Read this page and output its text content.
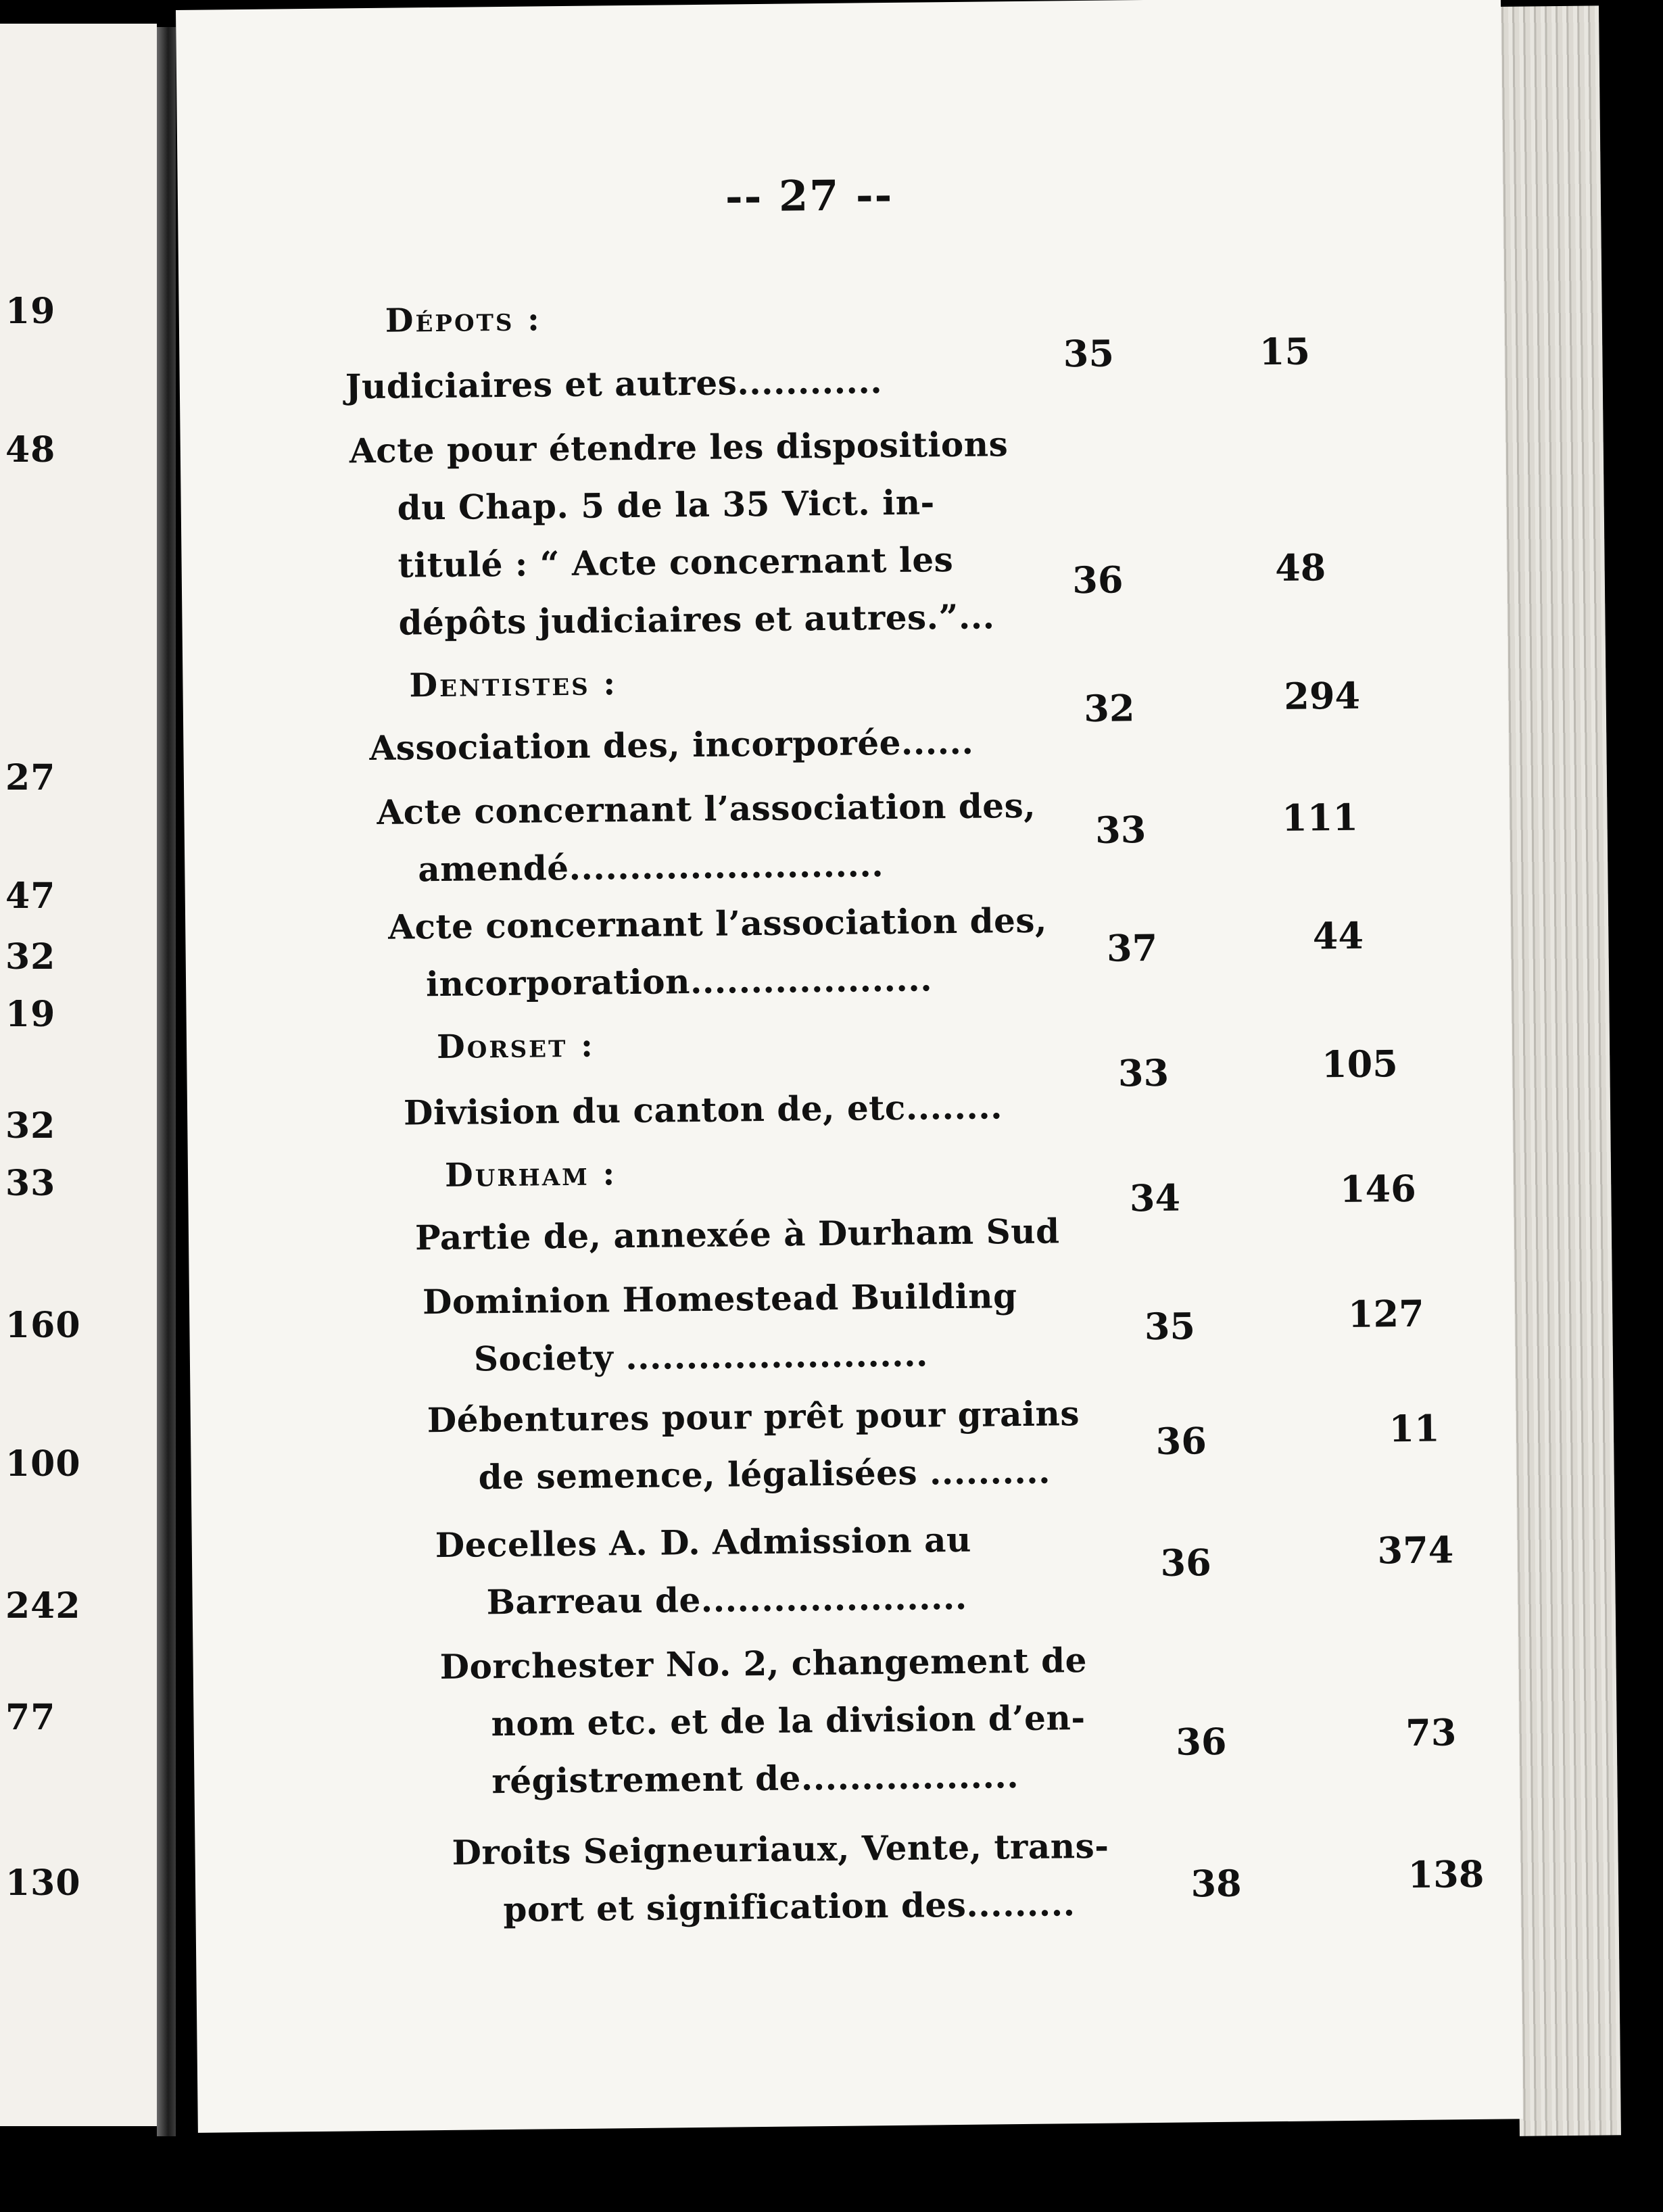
19
48
27
47
32
19
32
33
160
100
242
77
130
-- 27 --
Dépots :
Judiciaires et autres............
35	15
Acte pour étendre les dispositions
du Chap. 5 de la 35 Vict. in-
titulé : “ Acte concernant les
dépôts judiciaires et autres.”...
36	48
Dentistes :
Association des, incorporée......
32	294
Acte concernant l’association des,
amendé..........................
33	111
Acte concernant l’association des,
incorporation....................
37	44
Dorset :
Division du canton de, etc........
33	105
Durham :
Partie de, annexée à Durham Sud
34	146
Dominion Homestead Building
Society .........................
35	127
Débentures pour prêt pour grains
de semence, légalisées ..........
36	11
Decelles A. D. Admission au
Barreau de......................
36	374
Dorchester No. 2, changement de
nom etc. et de la division d’en-
régistrement de..................
36	73
Droits Seigneuriaux, Vente, trans-
port et signification des.........
38	138
